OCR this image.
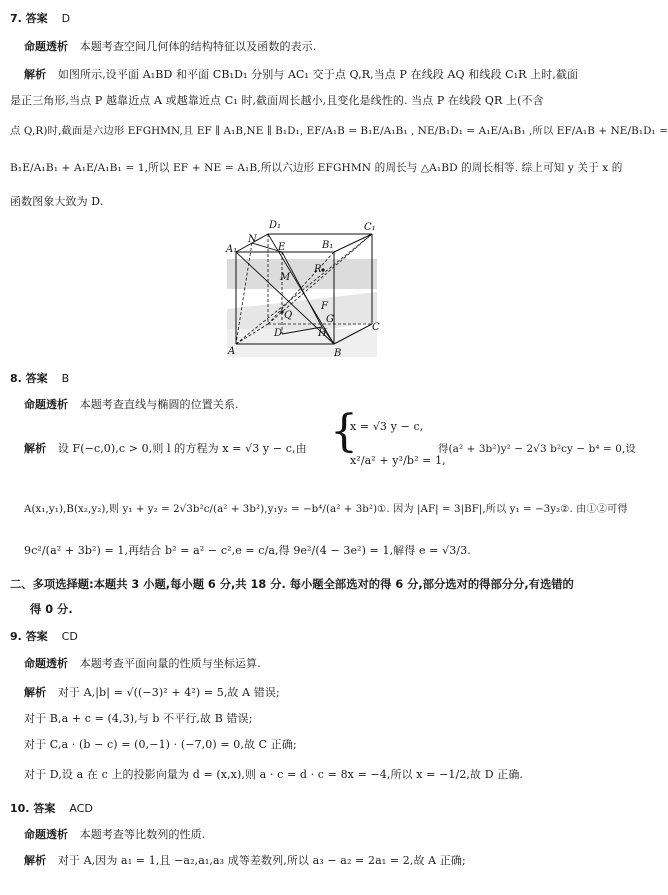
7. 答案 D
命题透析 本题考查空间几何体的结构特征以及函数的表示.
解析 如图所示,设平面 A₁BD 和平面 CB₁D₁ 分别与 AC₁ 交于点 Q,R,当点 P 在线段 AQ 和线段 C₁R 上时,截面
是正三角形,当点 P 越靠近点 A 或越靠近点 C₁ 时,截面周长越小,且变化是线性的. 当点 P 在线段 QR 上(不含
点 Q,R)时,截面是六边形 EFGHMN,且 EF ∥ A₁B,NE ∥ B₁D₁, EF/A₁B = B₁E/A₁B₁ , NE/B₁D₁ = A₁E/A₁B₁ ,所以 EF/A₁B + NE/B₁D₁ =
B₁E/A₁B₁ + A₁E/A₁B₁ = 1,所以 EF + NE = A₁B,所以六边形 EFGHMN 的周长与 △A₁BD 的周长相等. 综上可知 y 关于 x 的
函数图象大致为 D.
A₁
N
D₁
E	B₁
C₁
M
R
F
Q
D
G
H
C
A	B
8. 答案 B
命题透析 本题考查直线与椭圆的位置关系.
解析 设 F(−c,0),c > 0,则 l 的方程为 x = √3 y − c,由 {
x = √3 y − c,
x²/a² + y²/b² = 1,
得(a² + 3b²)y² − 2√3 b²cy − b⁴ = 0,设
A(x₁,y₁),B(x₂,y₂),则 y₁ + y₂ = 2√3b²c/(a² + 3b²),y₁y₂ = −b⁴/(a² + 3b²)①. 因为 |AF| = 3|BF|,所以 y₁ = −3y₂②. 由①②可得
9c²/(a² + 3b²) = 1,再结合 b² = a² − c²,e = c/a,得 9e²/(4 − 3e²) = 1,解得 e = √3/3.
二、多项选择题:本题共 3 小题,每小题 6 分,共 18 分. 每小题全部选对的得 6 分,部分选对的得部分分,有选错的
得 0 分.
9. 答案 CD
命题透析 本题考查平面向量的性质与坐标运算.
解析 对于 A,|b| = √((−3)² + 4²) = 5,故 A 错误;
对于 B,a + c = (4,3),与 b 不平行,故 B 错误;
对于 C,a · (b − c) = (0,−1) · (−7,0) = 0,故 C 正确;
对于 D,设 a 在 c 上的投影向量为 d = (x,x),则 a · c = d · c = 8x = −4,所以 x = −1/2,故 D 正确.
10. 答案 ACD
命题透析 本题考查等比数列的性质.
解析 对于 A,因为 a₁ = 1,且 −a₂,a₁,a₃ 成等差数列,所以 a₃ − a₂ = 2a₁ = 2,故 A 正确;
